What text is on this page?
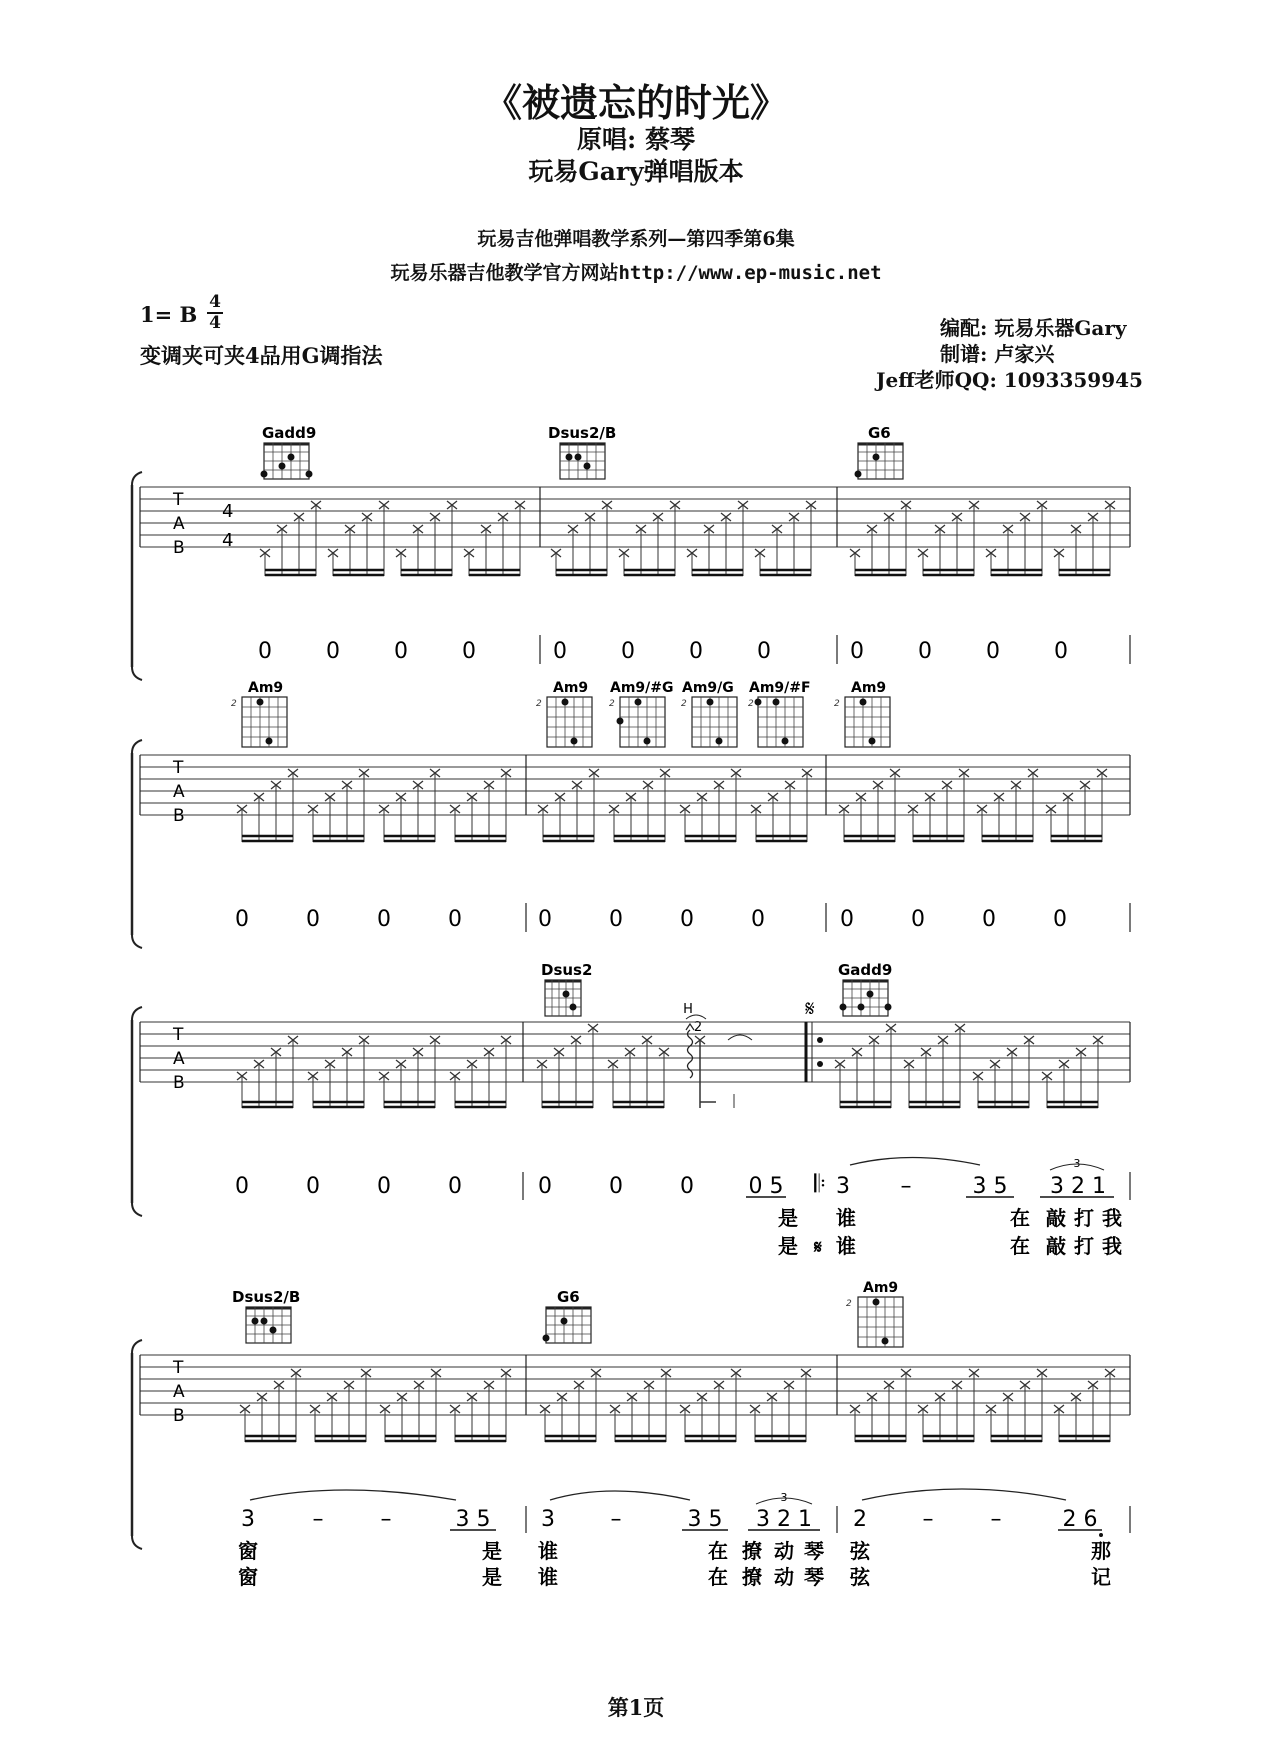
《被遗忘的时光》
原唱: 蔡琴
玩易Gary弹唱版本
玩易吉他弹唱教学系列—第四季第6集
玩易乐器吉他教学官方网站http://www.ep-music.net
1= B 4
4
变调夹可夹4品用G调指法
编配: 玩易乐器Gary
制谱: 卢家兴
Jeff老师QQ: 1093359945
Gadd9	Dsus2/B	G6
T
A
B
4
4
0 0 0 0	0 0 0 0	0 0 0 0
Am9
2
Am9
2
Am9/#G
2
Am9/G
2
Am9/#F
2
Am9
2
T
A
B
0	0	0	0	0	0	0	0	0	0	0	0
Dsus2	Gadd9
H
2
𝄋
T
A
B
0	0	0	0	0	0	0 0 5 3 –	3 5 3 2 1
3
𝄆
是 谁	在 敲 打 我
是 𝄋 谁	在 敲 打 我
Dsus2/B	G6	Am9
2
T
A
B
3	–	–	3 5 3	–	3 5 3 2 1 2	–	–	2 6
3
窗	是 谁	在 撩 动 琴 弦	那
窗	是 谁	在 撩 动 琴 弦	记
第1页
